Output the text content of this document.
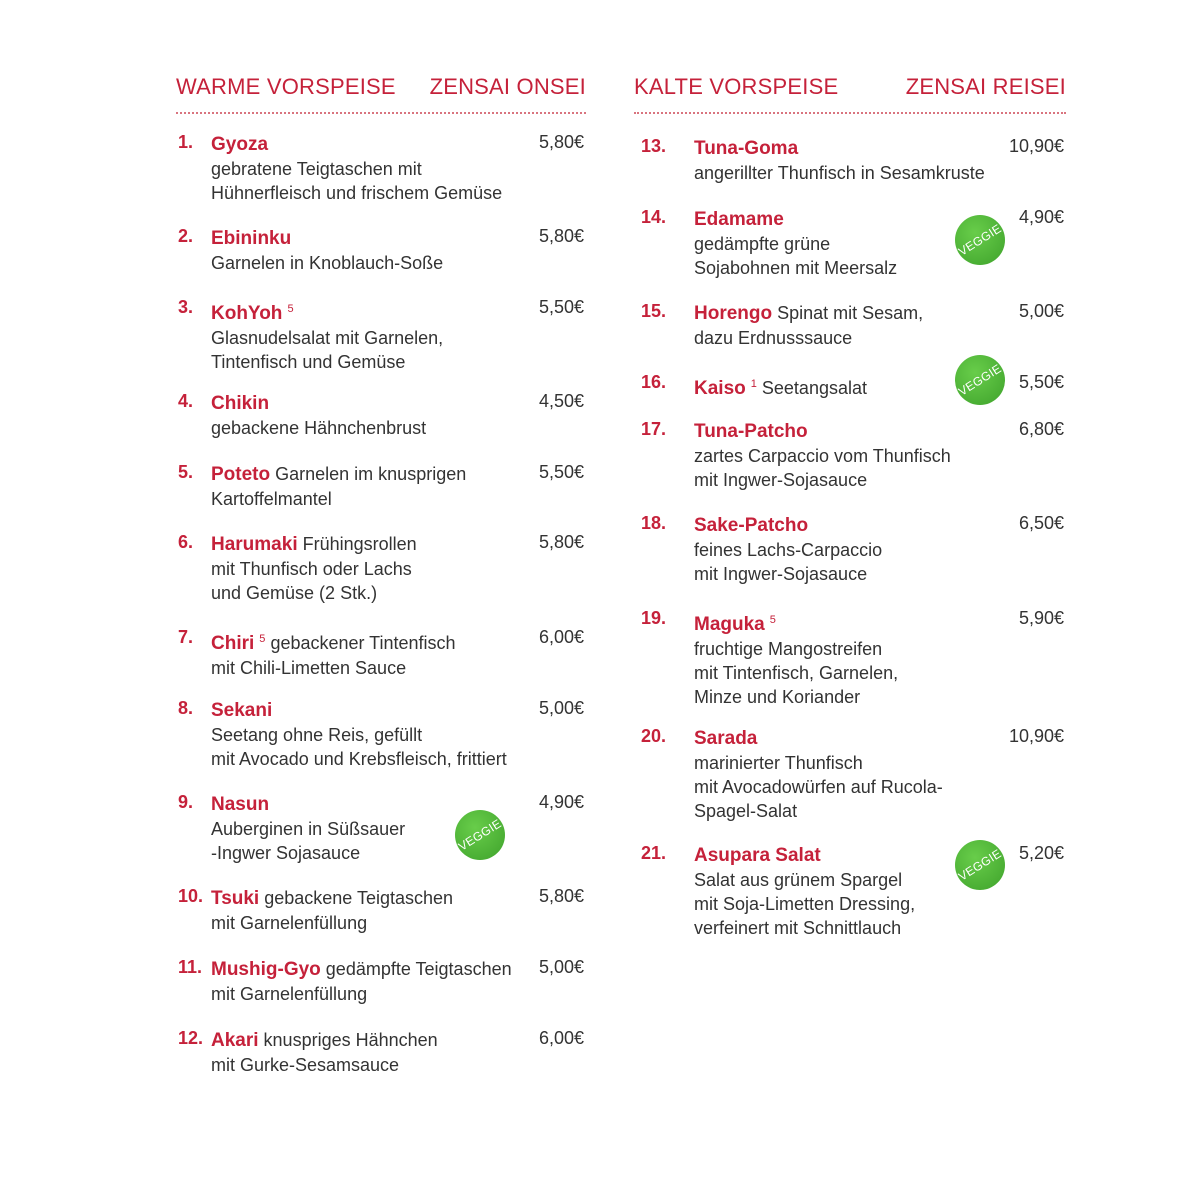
WARME VORSPEISE ZENSAI ONSEI
1. Gyoza
gebratene Teigtaschen mit
Hühnerfleisch und frischem Gemüse
5,80€
2. Ebininku
Garnelen in Knoblauch-Soße
5,80€
3. KohYoh $^5$
Glasnudelsalat mit Garnelen,
Tintenfisch und Gemüse
5,50€
4. Chikin
gebackene Hähnchenbrust
4,50€
5. Poteto Garnelen im knusprigen
Kartoffelmantel
5,50€
6. Harumaki Frühingsrollen
mit Thunfisch oder Lachs
und Gemüse (2 Stk.)
5,80€
7. Chiri $^5$ gebackener Tintenfisch
mit Chili-Limetten Sauce
6,00€
8. Sekani
Seetang ohne Reis, gefüllt
mit Avocado und Krebsfleisch, frittiert
5,00€
9. Nasun
Auberginen in Süßsauer
-Ingwer Sojasauce
4,90€
VEGGIE
10. Tsuki gebackene Teigtaschen
mit Garnelenfüllung
5,80€
11. Mushig-Gyo gedämpfte Teigtaschen
mit Garnelenfüllung
5,00€
12. Akari knuspriges Hähnchen
mit Gurke-Sesamsauce
6,00€
KALTE VORSPEISE	ZENSAI REISEI
13. Tuna-Goma
angerillter Thunfisch in Sesamkruste
10,90€
14. Edamame
gedämpfte grüne
Sojabohnen mit Meersalz
4,90€
VEGGIE
15. Horengo Spinat mit Sesam,
dazu Erdnusssauce
5,00€
16. Kaiso $^1$ Seetangsalat	5,50€
VEGGIE
17. Tuna-Patcho
zartes Carpaccio vom Thunfisch
mit Ingwer-Sojasauce
6,80€
18. Sake-Patcho
feines Lachs-Carpaccio
mit Ingwer-Sojasauce
6,50€
19. Maguka $^5$
fruchtige Mangostreifen
mit Tintenfisch, Garnelen,
Minze und Koriander
5,90€
20. Sarada
marinierter Thunfisch
mit Avocadowürfen auf Rucola-
Spagel-Salat
10,90€
21. Asupara Salat
Salat aus grünem Spargel
mit Soja-Limetten Dressing,
verfeinert mit Schnittlauch
5,20€
VEGGIE
